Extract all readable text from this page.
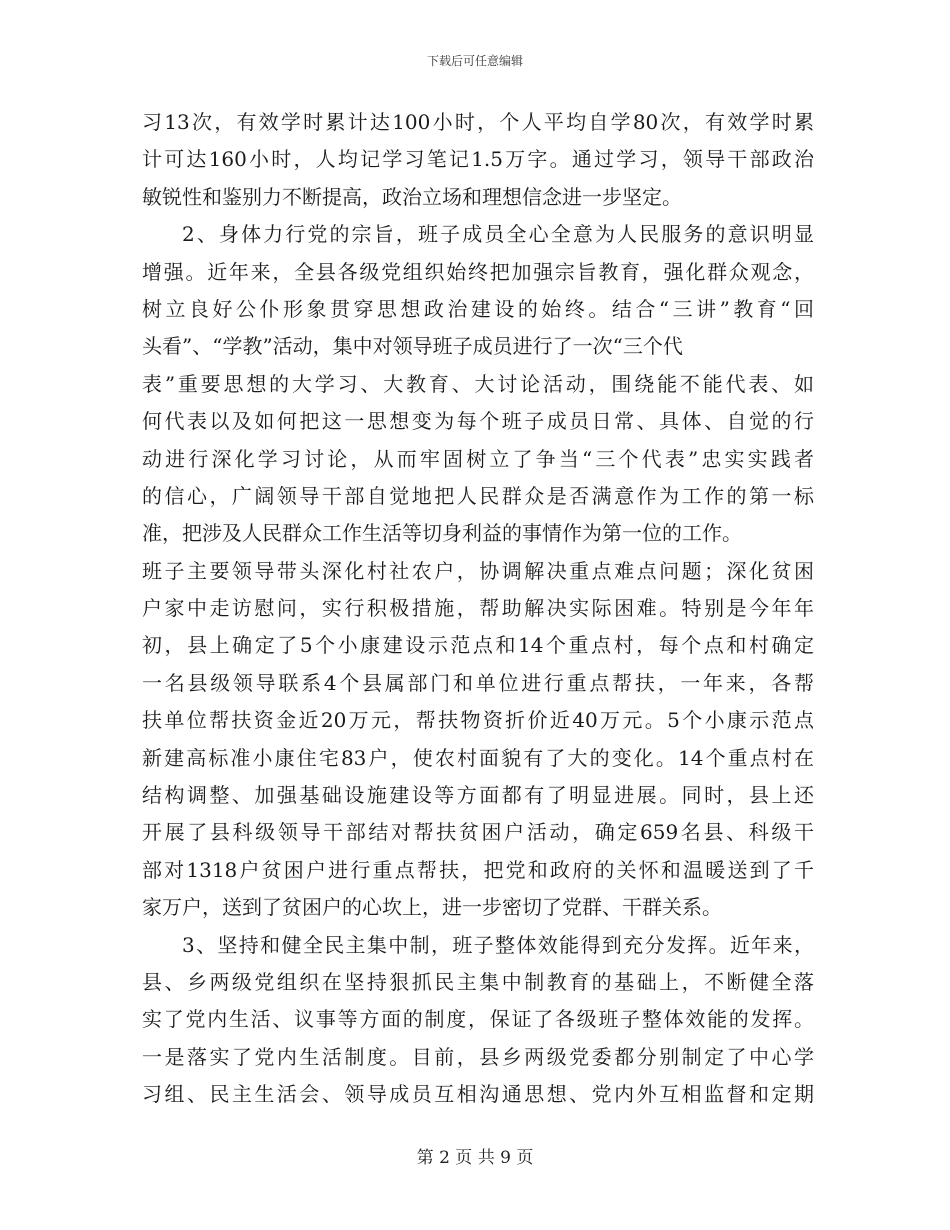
下载后可任意编辑
习13次，有效学时累计达100小时，个人平均自学80次，有效学时累
计可达160小时，人均记学习笔记1.5万字。通过学习，领导干部政治
敏锐性和鉴别力不断提高，政治立场和理想信念进一步坚定。
2、身体力行党的宗旨，班子成员全心全意为人民服务的意识明显
增强。近年来，全县各级党组织始终把加强宗旨教育，强化群众观念，
树立良好公仆形象贯穿思想政治建设的始终。结合“三讲”教育“回
头看”、“学教”活动，集中对领导班子成员进行了一次“三个代
表”重要思想的大学习、大教育、大讨论活动，围绕能不能代表、如
何代表以及如何把这一思想变为每个班子成员日常、具体、自觉的行
动进行深化学习讨论，从而牢固树立了争当“三个代表”忠实实践者
的信心，广阔领导干部自觉地把人民群众是否满意作为工作的第一标
准，把涉及人民群众工作生活等切身利益的事情作为第一位的工作。
班子主要领导带头深化村社农户，协调解决重点难点问题；深化贫困
户家中走访慰问，实行积极措施，帮助解决实际困难。特别是今年年
初，县上确定了5个小康建设示范点和14个重点村，每个点和村确定
一名县级领导联系4个县属部门和单位进行重点帮扶，一年来，各帮
扶单位帮扶资金近20万元，帮扶物资折价近40万元。5个小康示范点
新建高标准小康住宅83户，使农村面貌有了大的变化。14个重点村在
结构调整、加强基础设施建设等方面都有了明显进展。同时，县上还
开展了县科级领导干部结对帮扶贫困户活动，确定659名县、科级干
部对1318户贫困户进行重点帮扶，把党和政府的关怀和温暖送到了千
家万户，送到了贫困户的心坎上，进一步密切了党群、干群关系。
3、坚持和健全民主集中制，班子整体效能得到充分发挥。近年来，
县、乡两级党组织在坚持狠抓民主集中制教育的基础上，不断健全落
实了党内生活、议事等方面的制度，保证了各级班子整体效能的发挥。
一是落实了党内生活制度。目前，县乡两级党委都分别制定了中心学
习组、民主生活会、领导成员互相沟通思想、党内外互相监督和定期
第 2 页 共 9 页
